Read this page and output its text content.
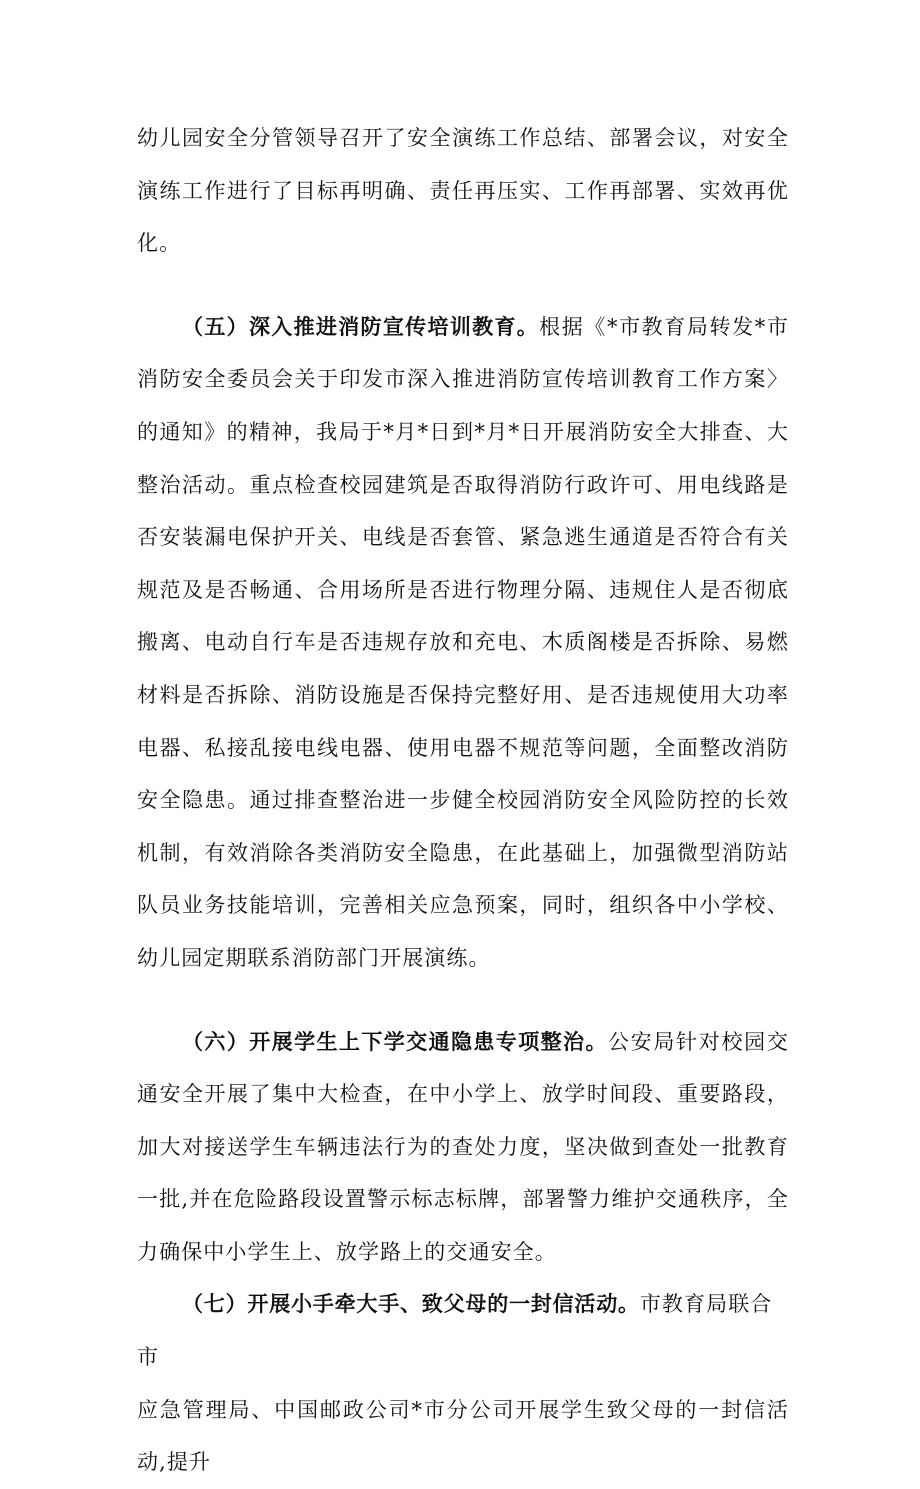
幼儿园安全分管领导召开了安全演练工作总结、部署会议，对安全演练工作进行了目标再明确、责任再压实、工作再部署、实效再优化。

（五）深入推进消防宣传培训教育。根据《*市教育局转发*市消防安全委员会关于印发市深入推进消防宣传培训教育工作方案〉的通知》的精神，我局于*月*日到*月*日开展消防安全大排查、大整治活动。重点检查校园建筑是否取得消防行政许可、用电线路是否安装漏电保护开关、电线是否套管、紧急逃生通道是否符合有关规范及是否畅通、合用场所是否进行物理分隔、违规住人是否彻底搬离、电动自行车是否违规存放和充电、木质阁楼是否拆除、易燃材料是否拆除、消防设施是否保持完整好用、是否违规使用大功率电器、私接乱接电线电器、使用电器不规范等问题，全面整改消防安全隐患。通过排查整治进一步健全校园消防安全风险防控的长效机制，有效消除各类消防安全隐患，在此基础上，加强微型消防站队员业务技能培训，完善相关应急预案，同时，组织各中小学校、幼儿园定期联系消防部门开展演练。

（六）开展学生上下学交通隐患专项整治。公安局针对校园交通安全开展了集中大检查，在中小学上、放学时间段、重要路段，加大对接送学生车辆违法行为的查处力度，坚决做到查处一批教育一批,并在危险路段设置警示标志标牌，部署警力维护交通秩序，全力确保中小学生上、放学路上的交通安全。

（七）开展小手牵大手、致父母的一封信活动。市教育局联合市

应急管理局、中国邮政公司*市分公司开展学生致父母的一封信活动,提升
